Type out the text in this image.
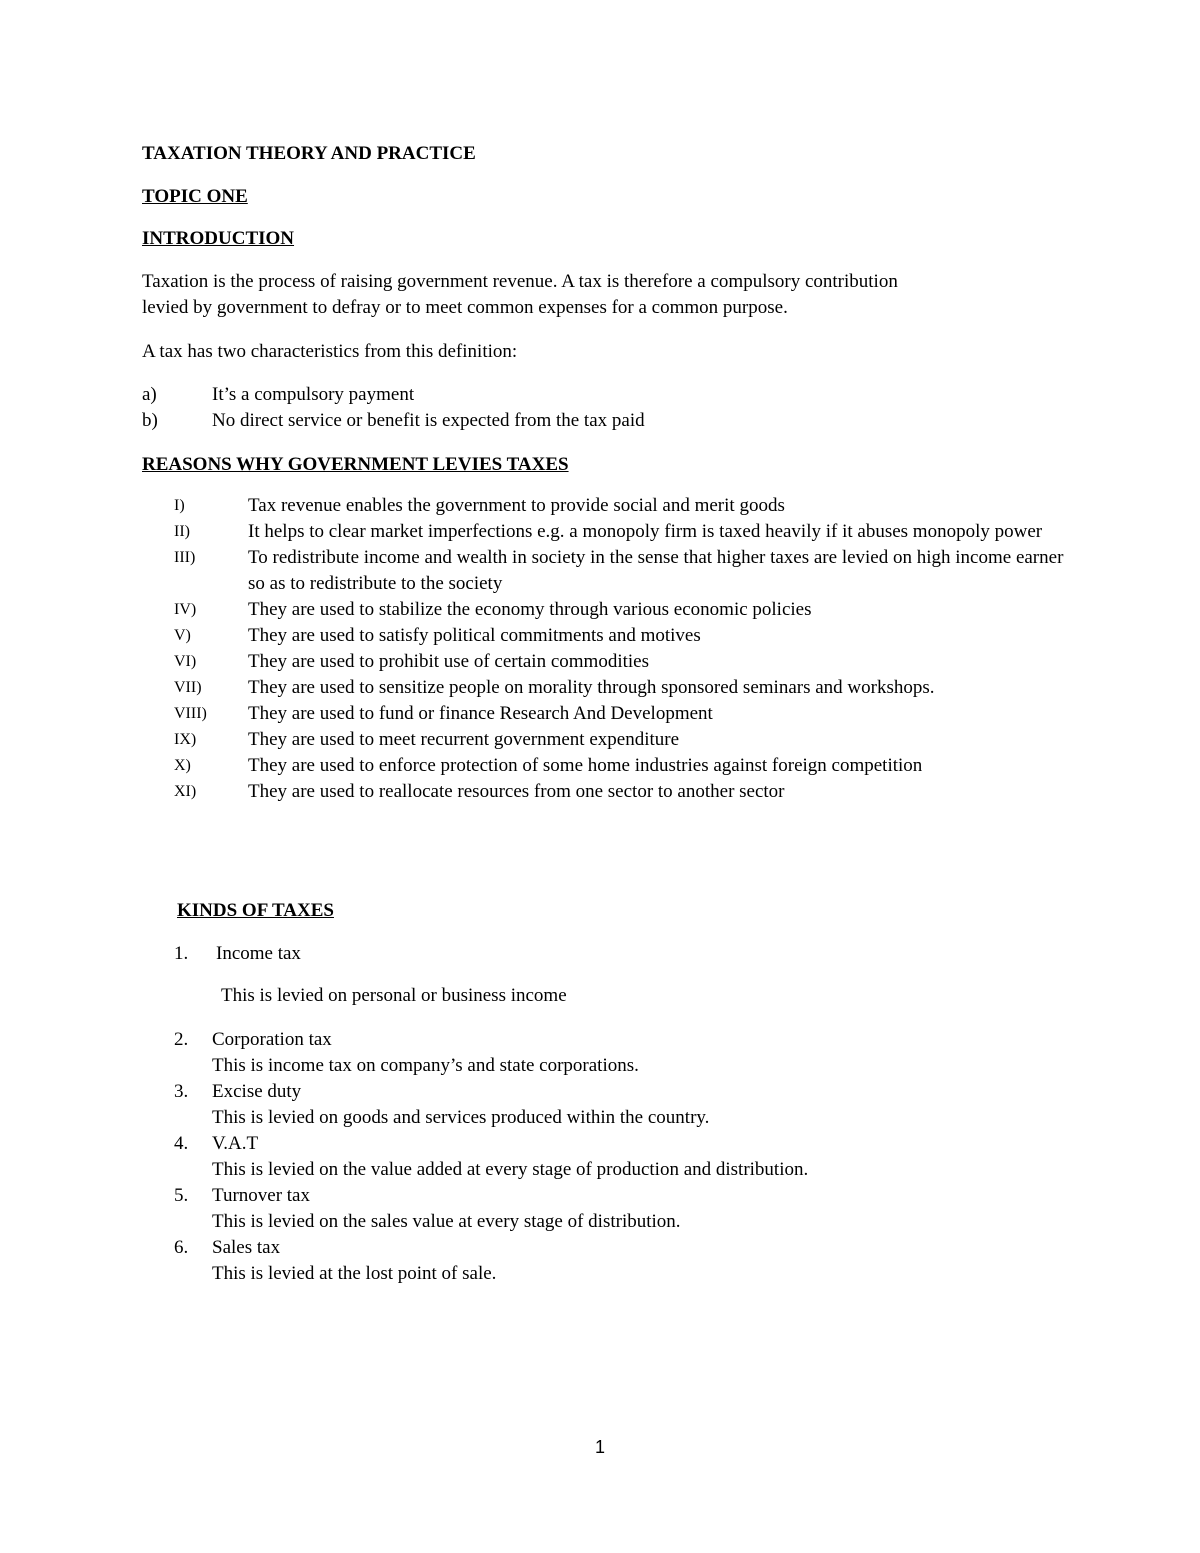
TAXATION THEORY AND PRACTICE
TOPIC ONE
INTRODUCTION
Taxation is the process of raising government revenue. A tax is therefore a compulsory contribution
levied by government to defray or to meet common expenses for a common purpose.
A tax has two characteristics from this definition:
a)	It’s a compulsory payment
b)	No direct service or benefit is expected from the tax paid
REASONS WHY GOVERNMENT LEVIES TAXES
I)	Tax revenue enables the government to provide social and merit goods
II)	It helps to clear market imperfections e.g. a monopoly firm is taxed heavily if it abuses monopoly power
III)	To redistribute income and wealth in society in the sense that higher taxes are levied on high income earner so as to redistribute to the society
IV)	They are used to stabilize the economy through various economic policies
V)	They are used to satisfy political commitments and motives
VI)	They are used to prohibit use of certain commodities
VII)	They are used to sensitize people on morality through sponsored seminars and workshops.
VIII)	They are used to fund or finance Research And Development
IX)	They are used to meet recurrent government expenditure
X)	They are used to enforce protection of some home industries against foreign competition
XI)	They are used to reallocate resources from one sector to another sector
KINDS OF TAXES
1.	Income tax
This is levied on personal or business income
2.	Corporation tax
This is income tax on company’s and state corporations.
3.	Excise duty
This is levied on goods and services produced within the country.
4.	V.A.T
This is levied on the value added at every stage of production and distribution.
5.	Turnover tax
This is levied on the sales value at every stage of distribution.
6.	Sales tax
This is levied at the lost point of sale.
1
